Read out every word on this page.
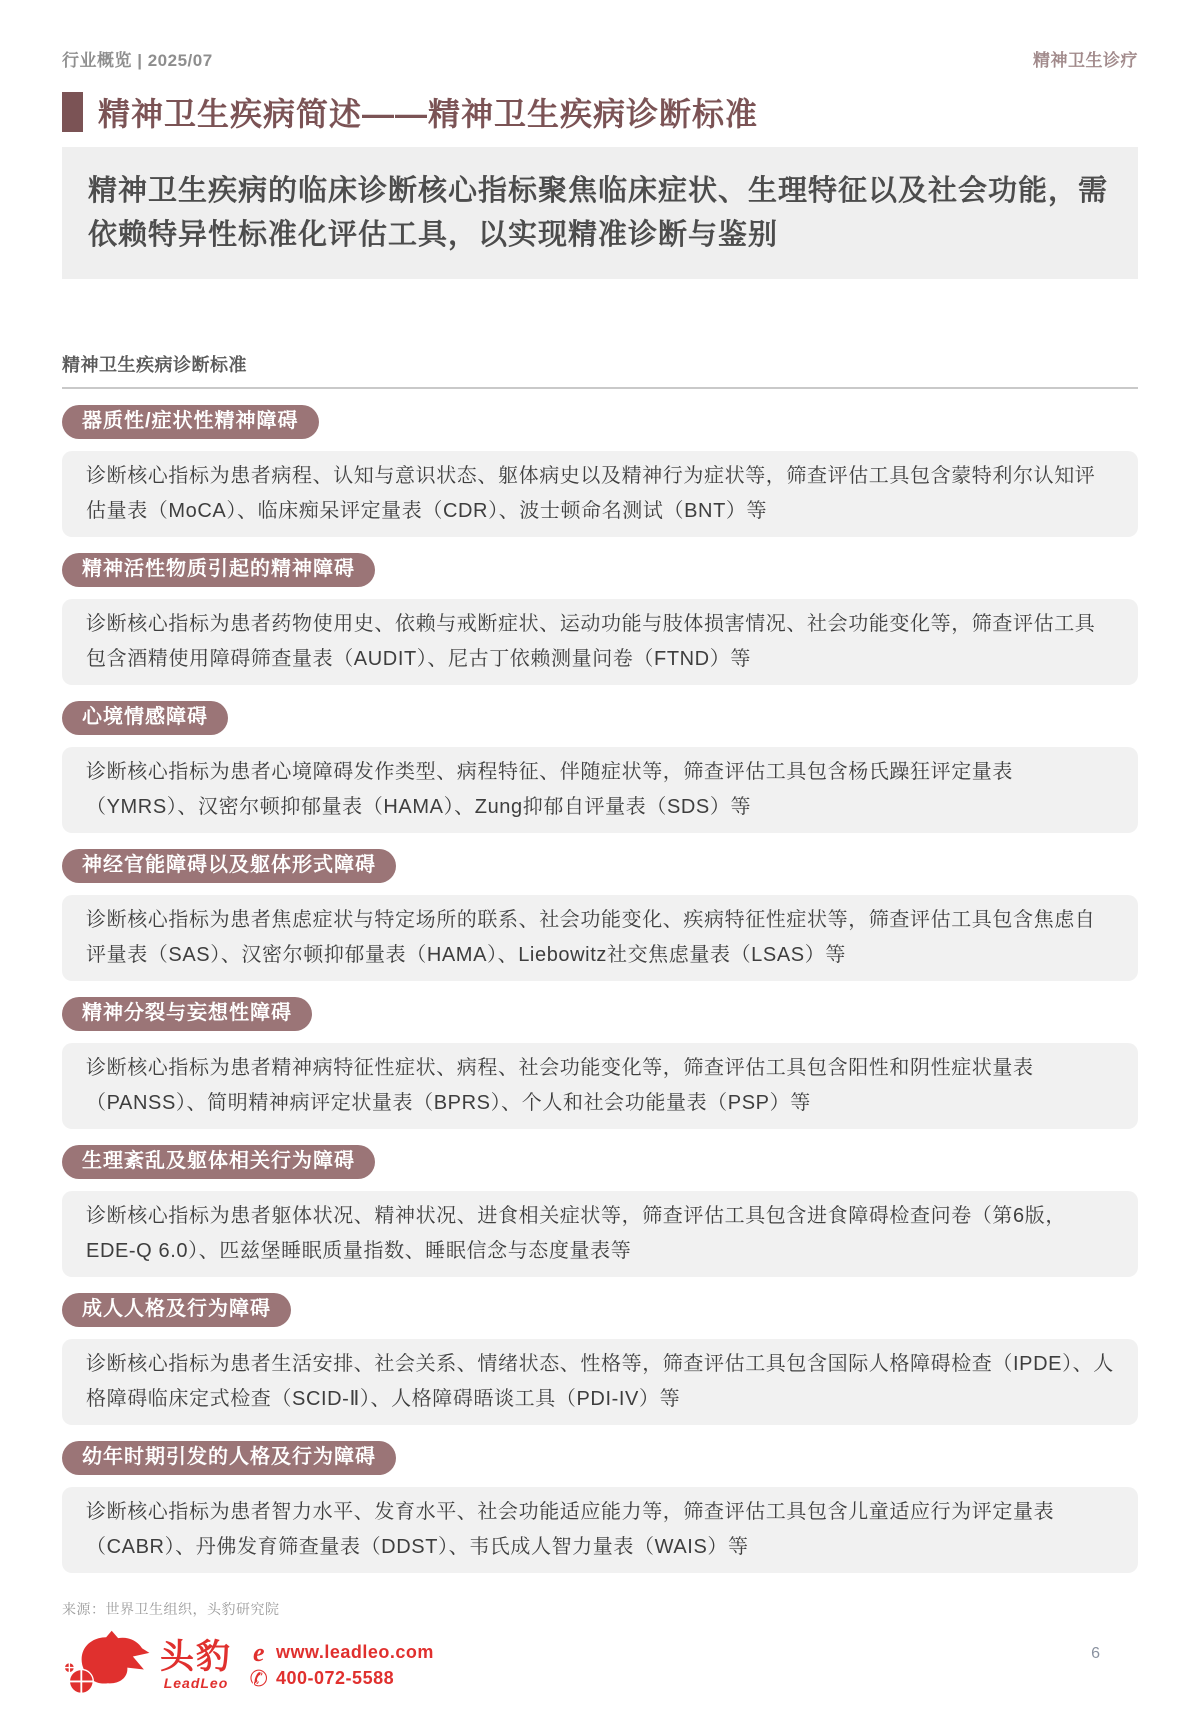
行业概览 | 2025/07	精神卫生诊疗
精神卫生疾病简述——精神卫生疾病诊断标准
精神卫生疾病的临床诊断核心指标聚焦临床症状、生理特征以及社会功能，需依赖特异性标准化评估工具，以实现精准诊断与鉴别
精神卫生疾病诊断标准
器质性/症状性精神障碍
诊断核心指标为患者病程、认知与意识状态、躯体病史以及精神行为症状等，筛查评估工具包含蒙特利尔认知评估量表（MoCA）、临床痴呆评定量表（CDR）、波士顿命名测试（BNT）等
精神活性物质引起的精神障碍
诊断核心指标为患者药物使用史、依赖与戒断症状、运动功能与肢体损害情况、社会功能变化等，筛查评估工具包含酒精使用障碍筛查量表（AUDIT）、尼古丁依赖测量问卷（FTND）等
心境情感障碍
诊断核心指标为患者心境障碍发作类型、病程特征、伴随症状等，筛查评估工具包含杨氏躁狂评定量表（YMRS）、汉密尔顿抑郁量表（HAMA）、Zung抑郁自评量表（SDS）等
神经官能障碍以及躯体形式障碍
诊断核心指标为患者焦虑症状与特定场所的联系、社会功能变化、疾病特征性症状等，筛查评估工具包含焦虑自评量表（SAS）、汉密尔顿抑郁量表（HAMA）、Liebowitz社交焦虑量表（LSAS）等
精神分裂与妄想性障碍
诊断核心指标为患者精神病特征性症状、病程、社会功能变化等，筛查评估工具包含阳性和阴性症状量表（PANSS）、简明精神病评定状量表（BPRS）、个人和社会功能量表（PSP）等
生理紊乱及躯体相关行为障碍
诊断核心指标为患者躯体状况、精神状况、进食相关症状等，筛查评估工具包含进食障碍检查问卷（第6版，EDE-Q 6.0）、匹兹堡睡眠质量指数、睡眠信念与态度量表等
成人人格及行为障碍
诊断核心指标为患者生活安排、社会关系、情绪状态、性格等，筛查评估工具包含国际人格障碍检查（IPDE）、人格障碍临床定式检查（SCID-Ⅱ）、人格障碍晤谈工具（PDI-IV）等
幼年时期引发的人格及行为障碍
诊断核心指标为患者智力水平、发育水平、社会功能适应能力等，筛查评估工具包含儿童适应行为评定量表（CABR）、丹佛发育筛查量表（DDST）、韦氏成人智力量表（WAIS）等
来源：世界卫生组织，头豹研究院
头豹
LeadLeo
e www.leadleo.com
✆ 400-072-5588
6
